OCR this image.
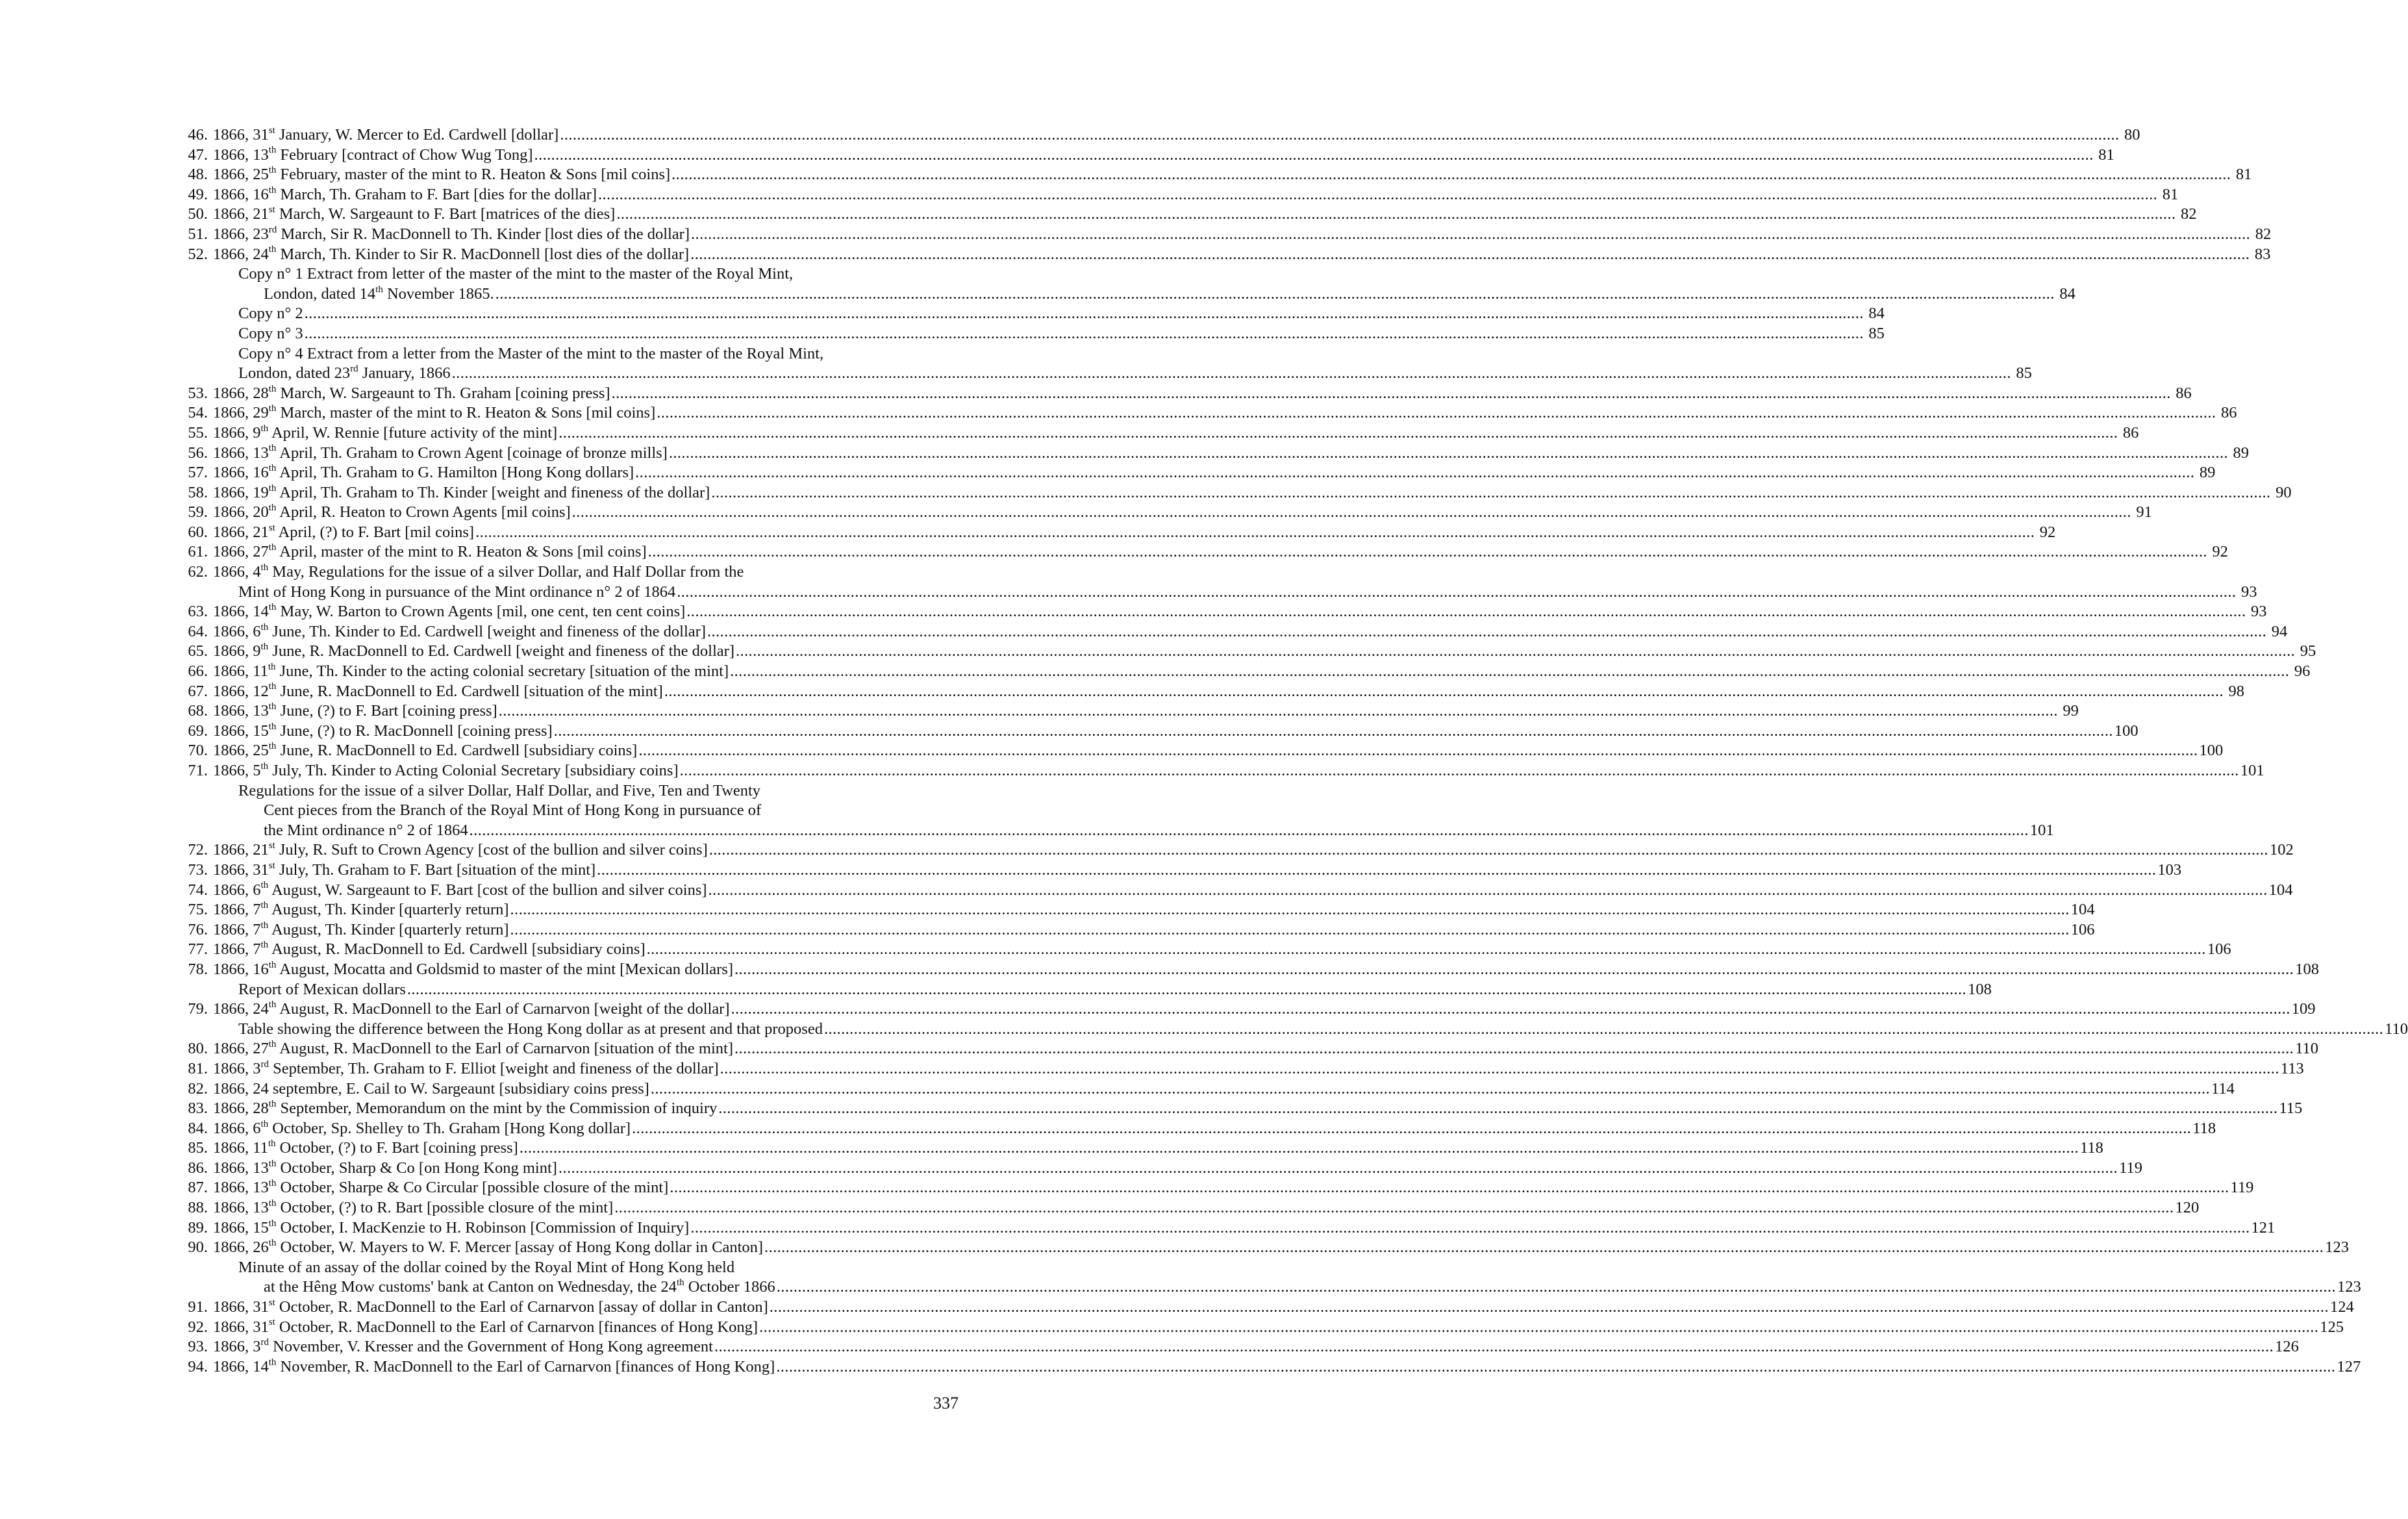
46. 1866, 31st January, W. Mercer to Ed. Cardwell [dollar] .....	80
47. 1866, 13th February [contract of Chow Wug Tong] .....	81
48. 1866, 25th February, master of the mint to R. Heaton & Sons [mil coins] .....	81
49. 1866, 16th March, Th. Graham to F. Bart [dies for the dollar] .....	81
50. 1866, 21st March, W. Sargeaunt to F. Bart [matrices of the dies] .....	82
51. 1866, 23rd March, Sir R. MacDonnell to Th. Kinder [lost dies of the dollar] .....	82
52. 1866, 24th March, Th. Kinder to Sir R. MacDonnell [lost dies of the dollar] .....	83
Copy n° 1 Extract from letter of the master of the mint to the master of the Royal Mint,
London, dated 14th November 1865. .....	84
Copy n° 2 .....	84
Copy n° 3 .....	85
Copy n° 4 Extract from a letter from the Master of the mint to the master of the Royal Mint,
London, dated 23rd January, 1866 .....	85
53. 1866, 28th March, W. Sargeaunt to Th. Graham [coining press] .....	86
54. 1866, 29th March, master of the mint to R. Heaton & Sons [mil coins] .....	86
55. 1866, 9th April, W. Rennie [future activity of the mint] .....	86
56. 1866, 13th April, Th. Graham to Crown Agent [coinage of bronze mills] .....	89
57. 1866, 16th April, Th. Graham to G. Hamilton [Hong Kong dollars] .....	89
58. 1866, 19th April, Th. Graham to Th. Kinder [weight and fineness of the dollar] .....	90
59. 1866, 20th April, R. Heaton to Crown Agents [mil coins] .....	91
60. 1866, 21st April, (?) to F. Bart [mil coins] .....	92
61. 1866, 27th April, master of the mint to R. Heaton & Sons [mil coins] .....	92
62. 1866, 4th May, Regulations for the issue of a silver Dollar, and Half Dollar from the
Mint of Hong Kong in pursuance of the Mint ordinance n° 2 of 1864 .....	93
63. 1866, 14th May, W. Barton to Crown Agents [mil, one cent, ten cent coins] .....	93
64. 1866, 6th June, Th. Kinder to Ed. Cardwell [weight and fineness of the dollar] .....	94
65. 1866, 9th June, R. MacDonnell to Ed. Cardwell [weight and fineness of the dollar] .....	95
66. 1866, 11th June, Th. Kinder to the acting colonial secretary [situation of the mint] .....	96
67. 1866, 12th June, R. MacDonnell to Ed. Cardwell [situation of the mint] .....	98
68. 1866, 13th June, (?) to F. Bart [coining press] .....	99
69. 1866, 15th June, (?) to R. MacDonnell [coining press] .....	100
70. 1866, 25th June, R. MacDonnell to Ed. Cardwell [subsidiary coins] .....	100
71. 1866, 5th July, Th. Kinder to Acting Colonial Secretary [subsidiary coins] .....	101
Regulations for the issue of a silver Dollar, Half Dollar, and Five, Ten and Twenty
Cent pieces from the Branch of the Royal Mint of Hong Kong in pursuance of
the Mint ordinance n° 2 of 1864 .....	101
72. 1866, 21st July, R. Suft to Crown Agency [cost of the bullion and silver coins] .....	102
73. 1866, 31st July, Th. Graham to F. Bart [situation of the mint] .....	103
74. 1866, 6th August, W. Sargeaunt to F. Bart [cost of the bullion and silver coins] .....	104
75. 1866, 7th August, Th. Kinder [quarterly return] .....	104
76. 1866, 7th August, Th. Kinder [quarterly return] .....	106
77. 1866, 7th August, R. MacDonnell to Ed. Cardwell [subsidiary coins] .....	106
78. 1866, 16th August, Mocatta and Goldsmid to master of the mint [Mexican dollars] .....	108
Report of Mexican dollars .....	108
79. 1866, 24th August, R. MacDonnell to the Earl of Carnarvon [weight of the dollar] .....	109
Table showing the difference between the Hong Kong dollar as at present and that proposed .....	110
80. 1866, 27th August, R. MacDonnell to the Earl of Carnarvon [situation of the mint] .....	110
81. 1866, 3rd September, Th. Graham to F. Elliot [weight and fineness of the dollar] .....	113
82. 1866, 24 septembre, E. Cail to W. Sargeaunt [subsidiary coins press] .....	114
83. 1866, 28th September, Memorandum on the mint by the Commission of inquiry .....	115
84. 1866, 6th October, Sp. Shelley to Th. Graham [Hong Kong dollar] .....	118
85. 1866, 11th October, (?) to F. Bart [coining press] .....	118
86. 1866, 13th October, Sharp & Co [on Hong Kong mint] .....	119
87. 1866, 13th October, Sharpe & Co Circular [possible closure of the mint] .....	119
88. 1866, 13th October, (?) to R. Bart [possible closure of the mint] .....	120
89. 1866, 15th October, I. MacKenzie to H. Robinson [Commission of Inquiry] .....	121
90. 1866, 26th October, W. Mayers to W. F. Mercer [assay of Hong Kong dollar in Canton] .....	123
Minute of an assay of the dollar coined by the Royal Mint of Hong Kong held
at the Hêng Mow customs' bank at Canton on Wednesday, the 24th October 1866 .....	123
91. 1866, 31st October, R. MacDonnell to the Earl of Carnarvon [assay of dollar in Canton] .....	124
92. 1866, 31st October, R. MacDonnell to the Earl of Carnarvon [finances of Hong Kong] .....	125
93. 1866, 3rd November, V. Kresser and the Government of Hong Kong agreement .....	126
94. 1866, 14th November, R. MacDonnell to the Earl of Carnarvon [finances of Hong Kong] .....	127
337
